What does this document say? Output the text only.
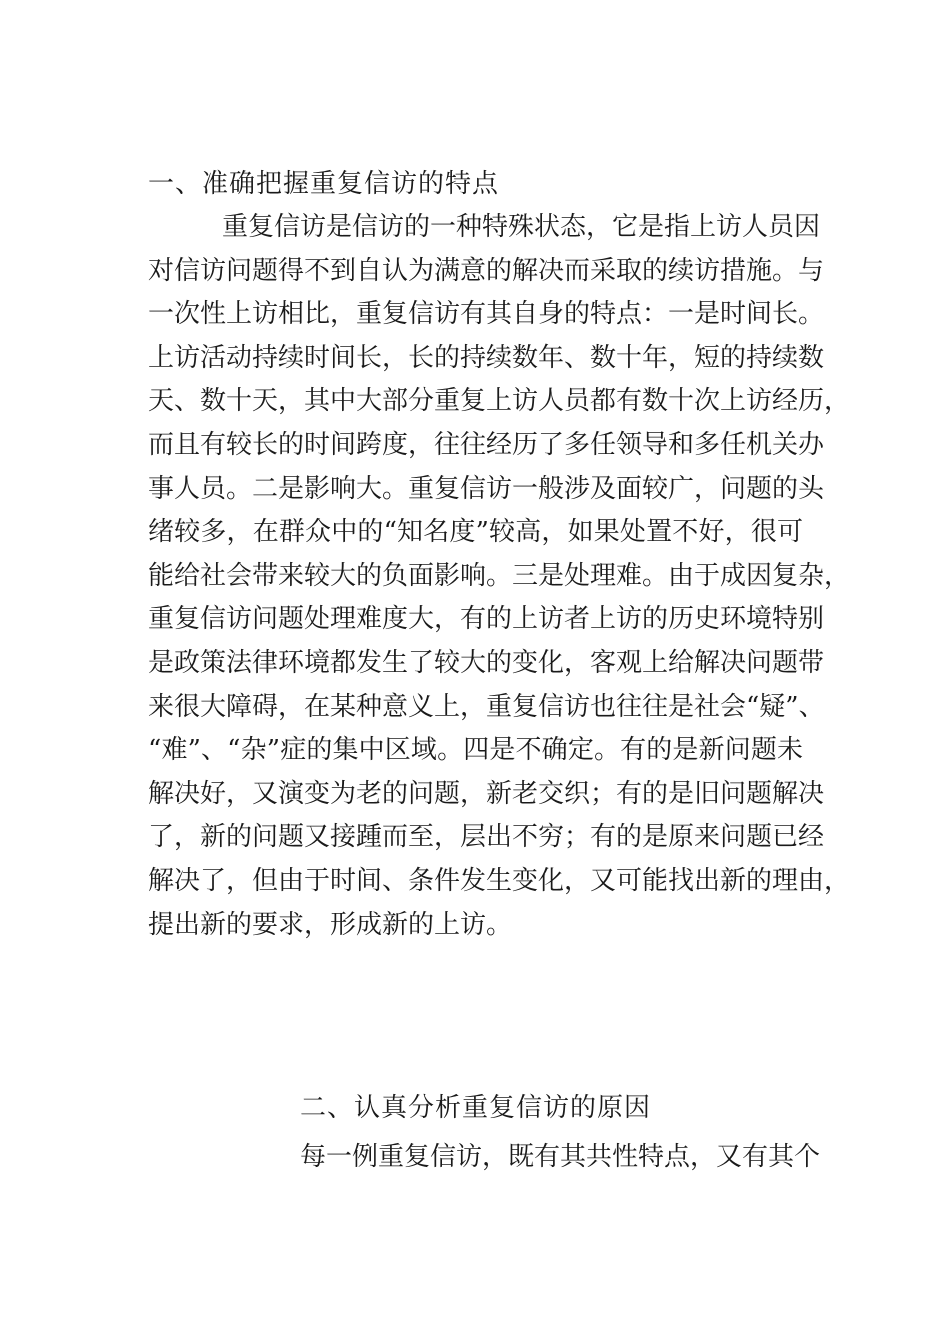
一、准确把握重复信访的特点
重复信访是信访的一种特殊状态，它是指上访人员因
对信访问题得不到自认为满意的解决而采取的续访措施。与
一次性上访相比，重复信访有其自身的特点：一是时间长。
上访活动持续时间长，长的持续数年、数十年，短的持续数
天、数十天，其中大部分重复上访人员都有数十次上访经历，
而且有较长的时间跨度，往往经历了多任领导和多任机关办
事人员。二是影响大。重复信访一般涉及面较广，问题的头
绪较多，在群众中的“知名度”较高，如果处置不好，很可
能给社会带来较大的负面影响。三是处理难。由于成因复杂，
重复信访问题处理难度大，有的上访者上访的历史环境特别
是政策法律环境都发生了较大的变化，客观上给解决问题带
来很大障碍，在某种意义上，重复信访也往往是社会“疑”、
“难”、“杂”症的集中区域。四是不确定。有的是新问题未
解决好，又演变为老的问题，新老交织；有的是旧问题解决
了，新的问题又接踵而至，层出不穷；有的是原来问题已经
解决了，但由于时间、条件发生变化，又可能找出新的理由，
提出新的要求，形成新的上访。
二、认真分析重复信访的原因
每一例重复信访，既有其共性特点，又有其个
